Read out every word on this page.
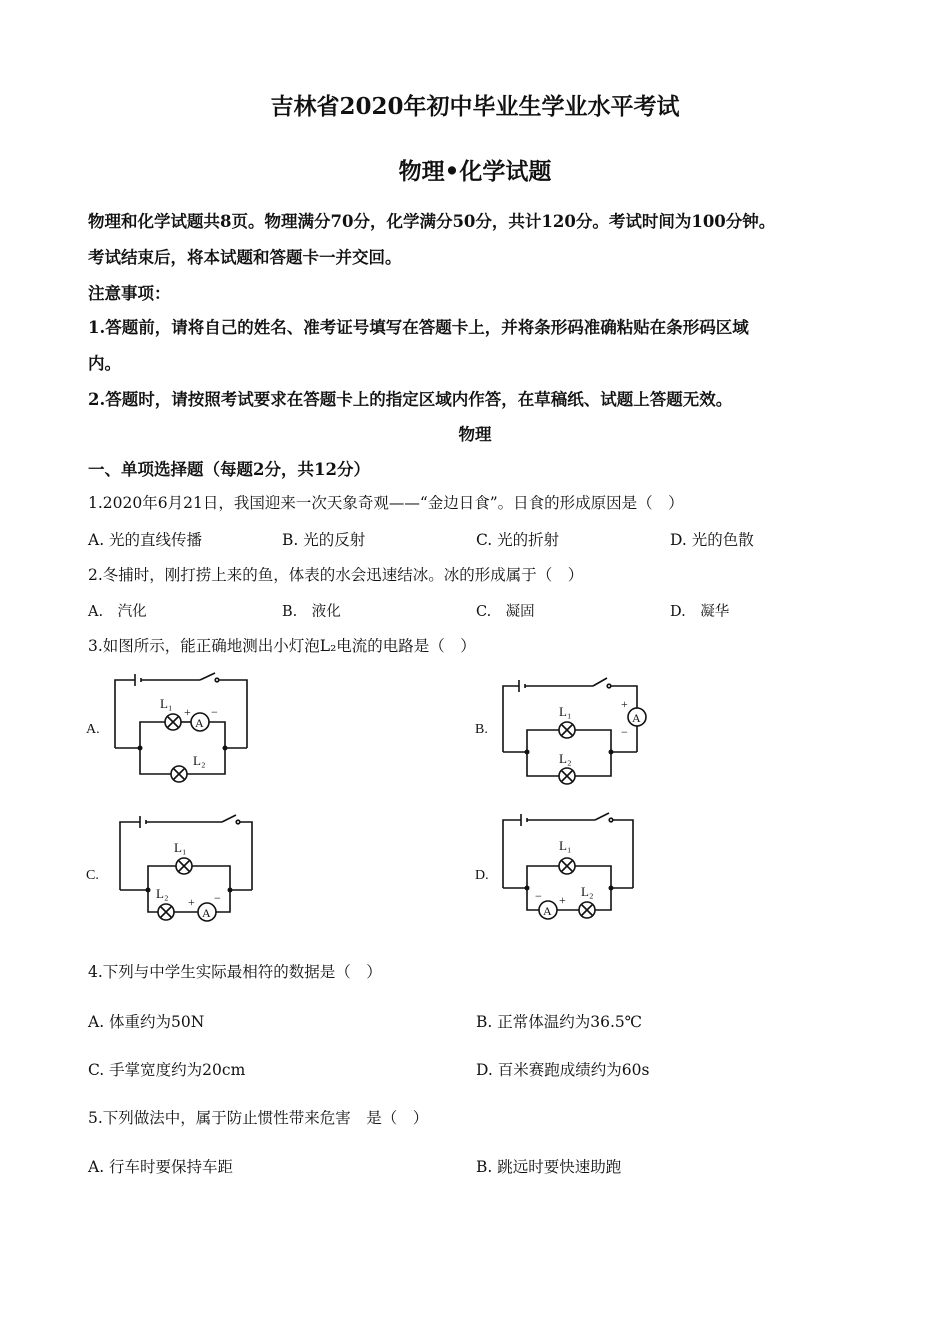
吉林省2020年初中毕业生学业水平考试
物理•化学试题
物理和化学试题共8页。物理满分70分，化学满分50分，共计120分。考试时间为100分钟。
考试结束后，将本试题和答题卡一并交回。
注意事项：
1.答题前，请将自己的姓名、准考证号填写在答题卡上，并将条形码准确粘贴在条形码区域
内。
2.答题时，请按照考试要求在答题卡上的指定区域内作答，在草稿纸、试题上答题无效。
物理
一、单项选择题（每题2分，共12分）
1.2020年6月21日，我国迎来一次天象奇观——“金边日食”。日食的形成原因是（　）
A. 光的直线传播	B. 光的反射	C. 光的折射	D. 光的色散
2.冬捕时，刚打捞上来的鱼，体表的水会迅速结冰。冰的形成属于（　）
A.　汽化	B.　液化	C.　凝固	D.　凝华
3.如图所示，能正确地测出小灯泡L₂电流的电路是（　）
A.	B.
C.	D.
L₁
A
+ −
L₂
L₁
L₂
A
+
−
L₁
L₂
A
+ −
L₁
L₂
A
− +
4.下列与中学生实际最相符的数据是（　）
A. 体重约为50N	B. 正常体温约为36.5℃
C. 手掌宽度约为20cm	D. 百米赛跑成绩约为60s
5.下列做法中，属于防止惯性带来危害　是（　）
A. 行车时要保持车距	B. 跳远时要快速助跑
